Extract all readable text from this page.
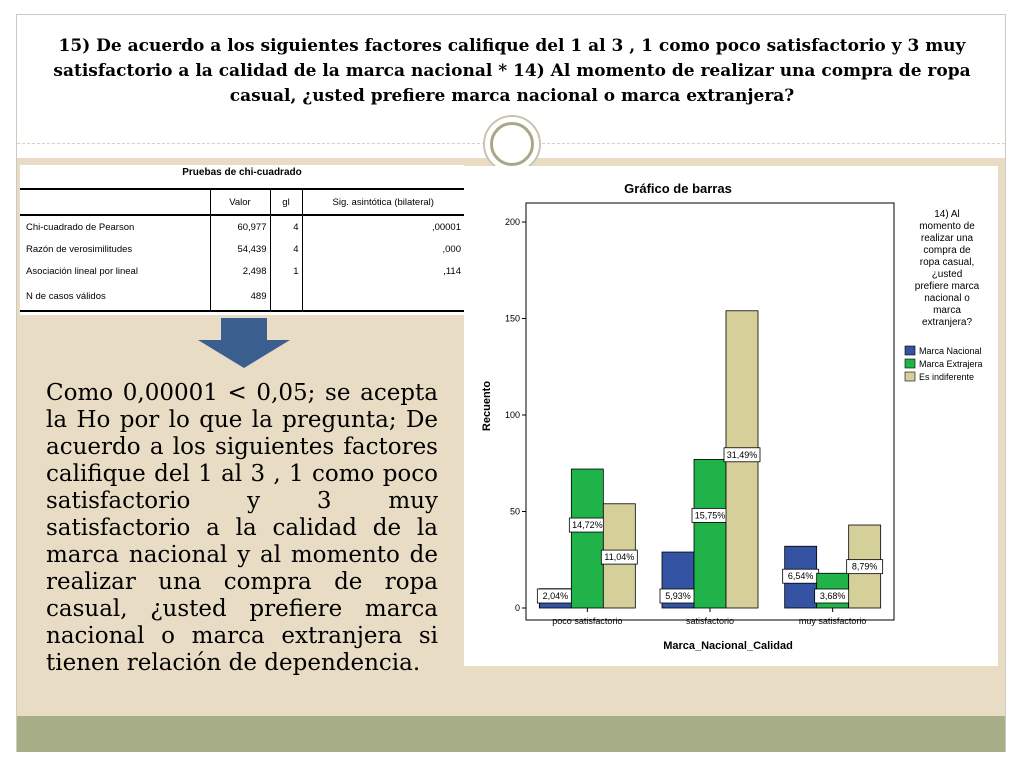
15) De acuerdo a los siguientes factores califique del 1 al 3 , 1 como poco satisfactorio y 3 muy satisfactorio a la calidad de la marca nacional * 14) Al momento de realizar una compra de ropa casual, ¿usted prefiere marca nacional o marca extranjera?
Pruebas de chi-cuadrado
	Valor	gl	Sig. asintótica (bilateral)
Chi-cuadrado de Pearson	60,977	4	,00001
Razón de verosimilitudes	54,439	4	,000
Asociación lineal por lineal	2,498	1	,114
N de casos válidos	489		

Como 0,00001 < 0,05; se acepta la Ho por lo que la pregunta; De acuerdo a los siguientes factores califique del 1 al 3 , 1 como poco satisfactorio y 3 muy satisfactorio a la calidad de la marca nacional y al momento de realizar una compra de ropa casual, ¿usted prefiere marca nacional o marca extranjera si tienen relación de dependencia.

Gráfico de barras
0
50
100
150
200
2,04%
14,72%
11,04%
5,93%
15,75%
31,49%
6,54%
3,68%
8,79%
poco satisfactorio	satisfactorio	muy satisfactorio
Recuento
Marca_Nacional_Calidad
14) Al
momento de
realizar una
compra de
ropa casual,
¿usted
prefiere marca
nacional o
marca
extranjera?
Marca Nacional
Marca Extrajera
Es indiferente
